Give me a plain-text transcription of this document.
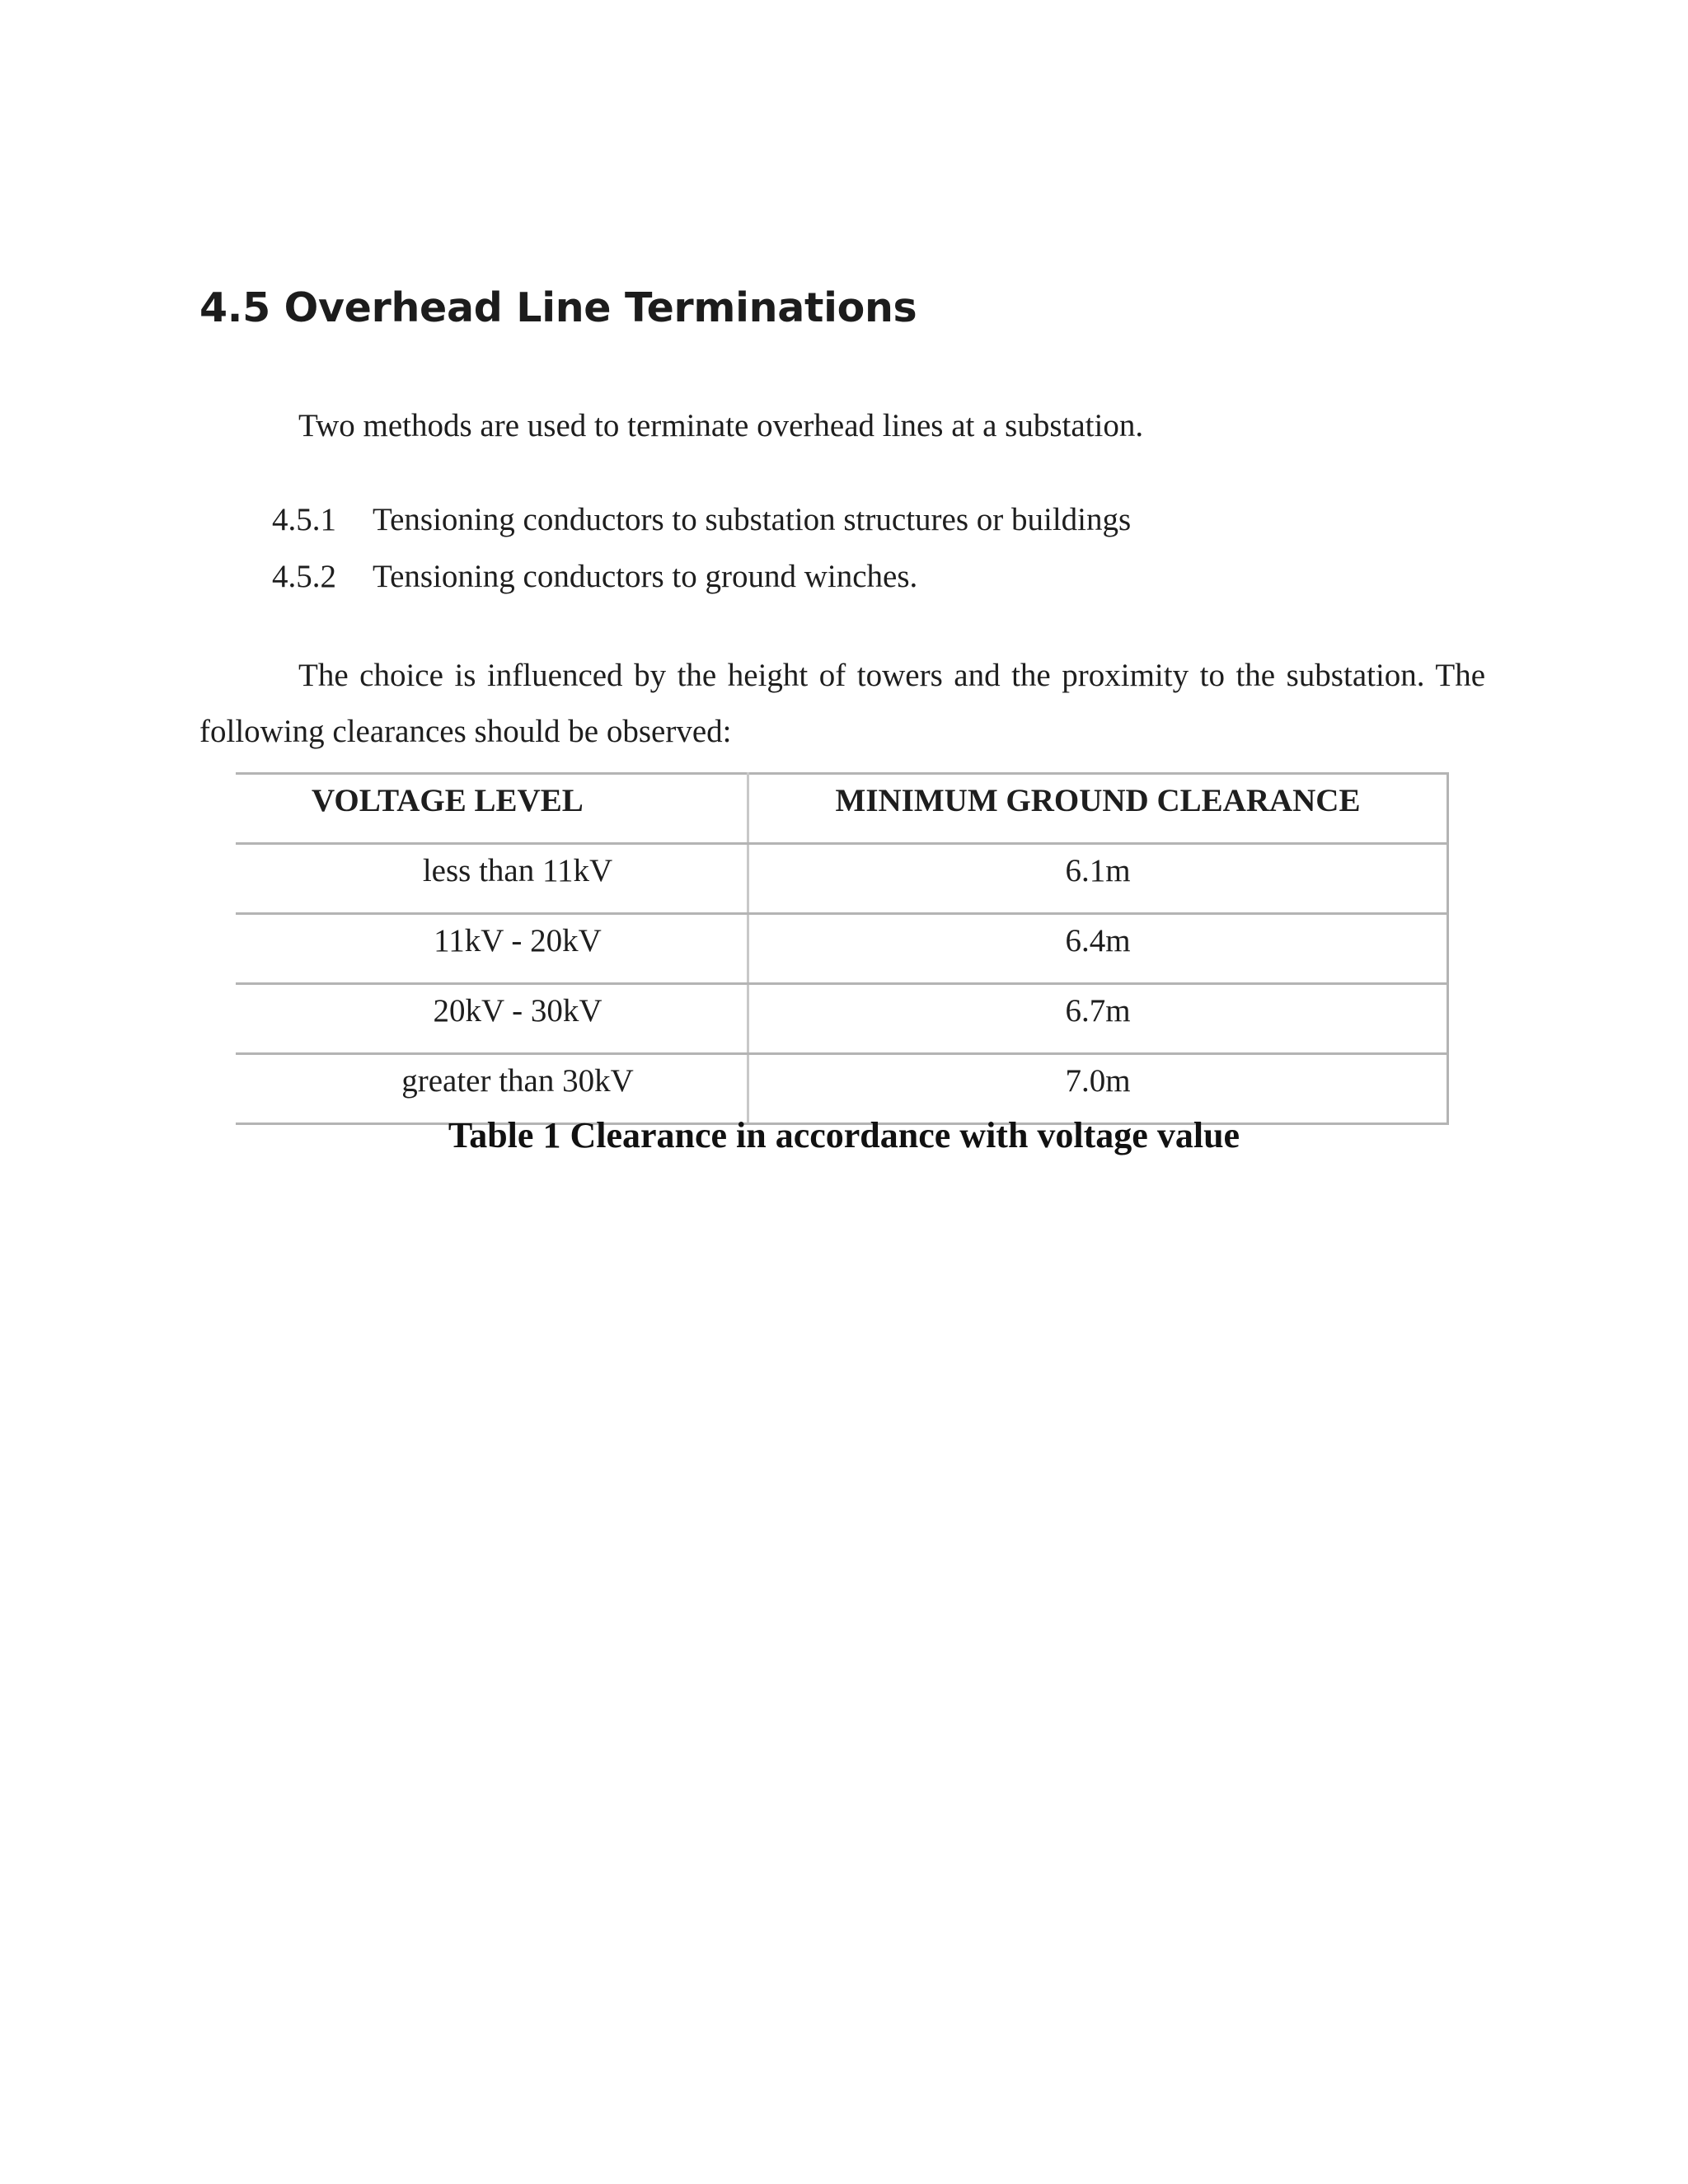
4.5 Overhead Line Terminations

Two methods are used to terminate overhead lines at a substation.

4.5.1 Tensioning conductors to substation structures or buildings
4.5.2 Tensioning conductors to ground winches.

The choice is influenced by the height of towers and the proximity to the substation. The following clearances should be observed:

VOLTAGE LEVEL	MINIMUM GROUND CLEARANCE
less than 11kV	6.1m
11kV - 20kV	6.4m
20kV - 30kV	6.7m
greater than 30kV	7.0m

Table 1 Clearance in accordance with voltage value
